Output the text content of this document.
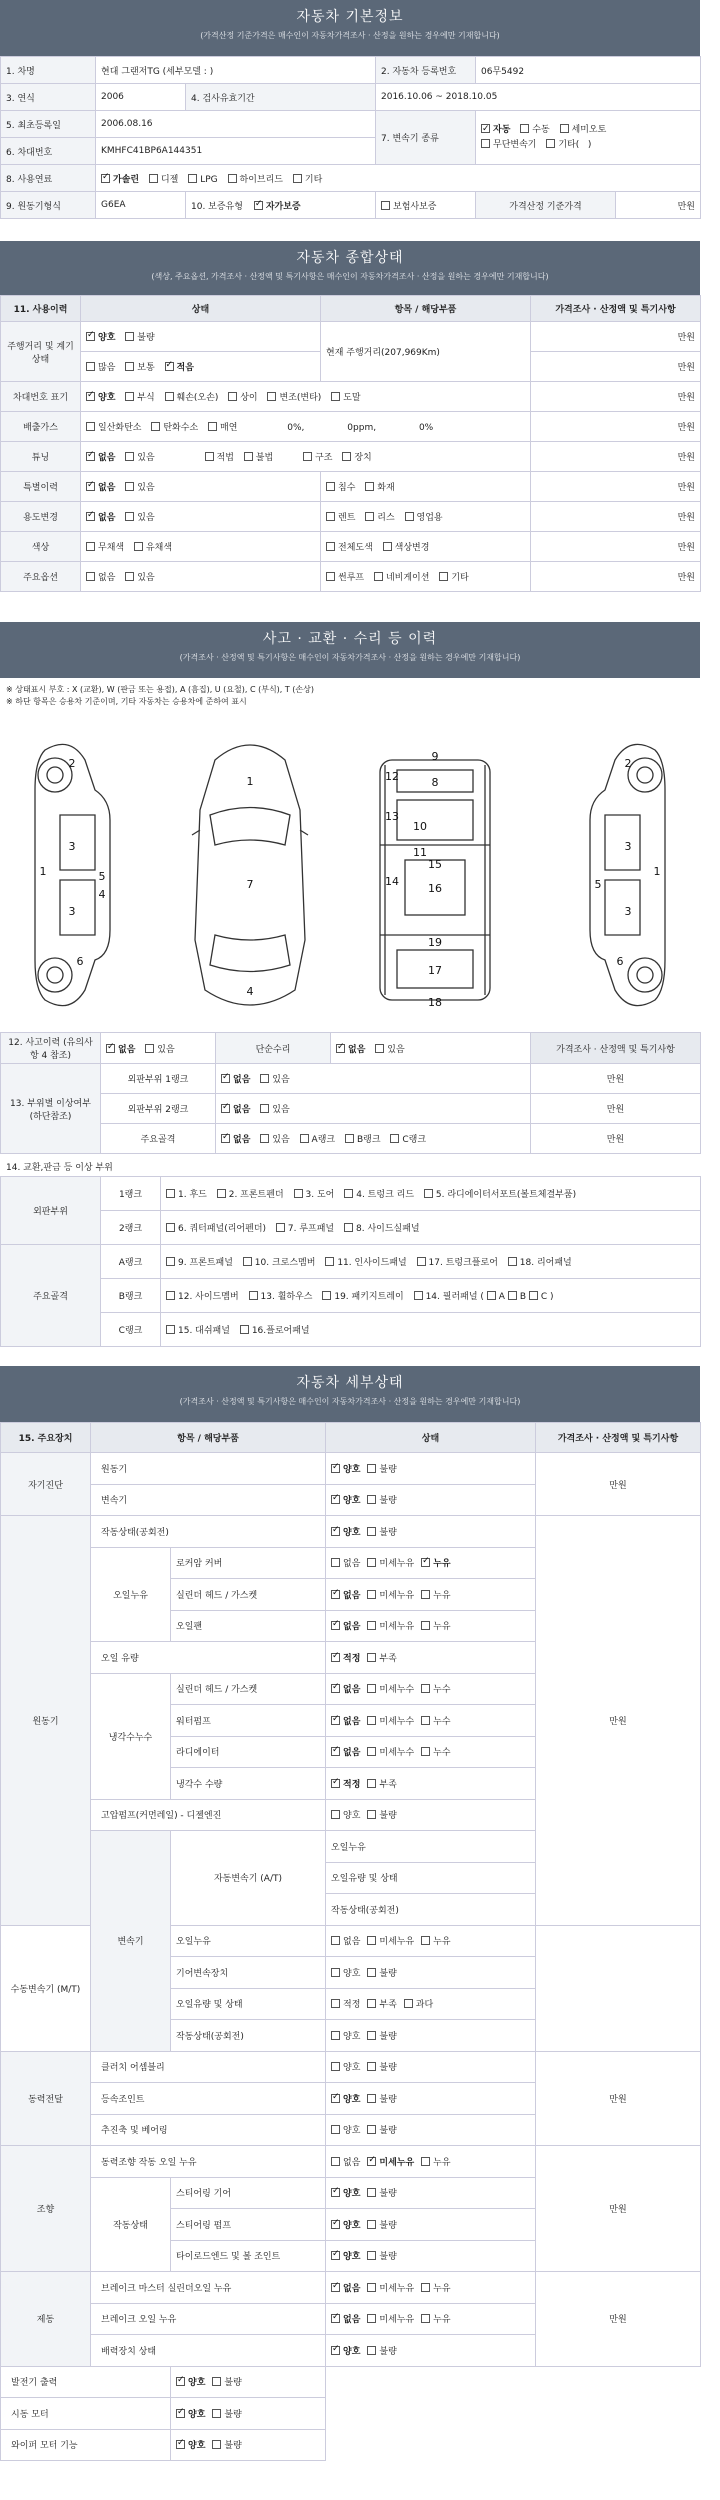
자동차 기본정보
(가격산정 기준가격은 매수인이 자동차가격조사 · 산정을 원하는 경우에만 기재합니다)
1. 차명	현대 그랜저TG (세부모델 : )		2. 자동차 등록번호	06무5492	
3. 연식	2006	4. 검사유효기간	2016.10.06 ~ 2018.10.05		
5. 최초등록일	2006.08.16		7. 변속기 종류	✓자동 수동 세미오토
무단변속기 기타( )
6. 차대번호	KMHFC41BP6A144351				
8. 사용연료	✓가솔린 디젤 LPG 하이브리드 기타
9. 원동기형식	G6EA	10. 보증유형 ✓ 자가보증	보험사보증	가격산정 기준가격	만원
자동차 종합상태
(색상, 주요옵션, 가격조사 · 산정액 및 특기사항은 매수인이 자동차가격조사 · 산정을 원하는 경우에만 기재합니다)
11. 사용이력	상태	항목 / 해당부품	가격조사 · 산정액 및 특기사항
주행거리 및 계기상태	✓양호 불량	현재 주행거리(207,969Km)	만원
	많음 보통 ✓ 적음		만원
차대번호 표기	✓양호 부식 훼손(오손) 상이 변조(변타) 도말		만원
배출가스	일산화탄소 탄화수소 매연 0%, 0ppm, 0%		만원
튜닝	✓없음 있음 적법 불법 구조 장치		만원
특별이력	✓없음 있음	침수 화재	만원
용도변경	✓없음 있음	렌트 리스 영업용	만원
색상	무채색 유채색	전체도색 색상변경	만원
주요옵션	없음 있음	썬루프 네비게이션 기타	만원
사고 · 교환 · 수리 등 이력
(가격조사 · 산정액 및 특기사항은 매수인이 자동차가격조사 · 산정을 원하는 경우에만 기재합니다)
※ 상태표시 부호 : X (교환), W (판금 또는 용접), A (흠집), U (요철), C (부식), T (손상)
※ 하단 항목은 승용차 기준이며, 기타 자동차는 승용차에 준하여 표시
2
3
5
4
3
6
1
1
7
4
9
8
10
11
12
13
14
15
16
17
18
19
2
3
5
3
6
1
12. 사고이력 (유의사항 4 참조)	✓없음 있음	단순수리	✓없음 있음	가격조사 · 산정액 및 특기사항
13. 부위별 이상여부 (하단참조)	외판부위 1랭크	✓없음 있음		만원
	외판부위 2랭크	✓없음 있음		만원
	주요골격	✓없음 있음 A랭크 B랭크 C랭크		만원
14. 교환,판금 등 이상 부위
외판부위	1랭크	1. 후드 2. 프론트펜더 3. 도어 4. 트렁크 리드 5. 라디에이터서포트(볼트체결부품)
	2랭크	6. 쿼터패널(리어펜더) 7. 루프패널 8. 사이드실패널
주요골격	A랭크	9. 프론트패널 10. 크로스멤버 11. 인사이드패널 17. 트렁크플로어 18. 리어패널
	B랭크	12. 사이드멤버 13. 휠하우스 19. 패키지트레이 14. 필러패널 ( A B C )
	C랭크	15. 대쉬패널 16.플로어패널
자동차 세부상태
(가격조사 · 산정액 및 특기사항은 매수인이 자동차가격조사 · 산정을 원하는 경우에만 기재합니다)
15. 주요장치	항목 / 해당부품		상태	가격조사 · 산정액 및 특기사항	
자기진단	원동기	✓양호 불량	만원	
	변속기	✓양호 불량
원동기	작동상태(공회전)	✓양호 불량	만원	
	오일누유	로커암 커버	없음 미세누유 ✓ 누유
		실린더 헤드 / 가스켓	✓없음 미세누유 누유
		오일팬	✓없음 미세누유 누유
	오일 유량	✓적정 부족
	냉각수누수	실린더 헤드 / 가스켓	✓없음 미세누수 누수
		워터펌프	✓없음 미세누수 누수
		라디에이터	✓없음 미세누수 누수
		냉각수 수량	✓적정 부족
	고압펌프(커먼레일) - 디젤엔진		양호 불량		
	변속기	자동변속기 (A/T)	오일누유		
			오일유량 및 상태	
			작동상태(공회전)	
수동변속기 (M/T)		오일누유	없음 미세누유 누유		
		기어변속장치	양호 불량		
		오일유량 및 상태	적정 부족 과다		
		작동상태(공회전)	양호 불량		
동력전달	클러치 어셈블리		양호 불량	만원	
	등속조인트	✓양호 불량
	추진축 및 베어링		양호 불량		
조향	동력조향 작동 오일 누유		없음 ✓ 미세누유 누유	만원	
	작동상태	스티어링 기어	✓양호 불량
		스티어링 펌프	✓양호 불량
		타이로드엔드 및 볼 조인트	✓양호 불량
제동	브레이크 마스터 실린더오일 누유	✓없음 미세누유 누유	만원	
	브레이크 오일 누유	✓없음 미세누유 누유
	배력장치 상태	✓양호 불량
발전기 출력	✓양호 불량
시동 모터	✓양호 불량
와이퍼 모터 기능	✓양호 불량
